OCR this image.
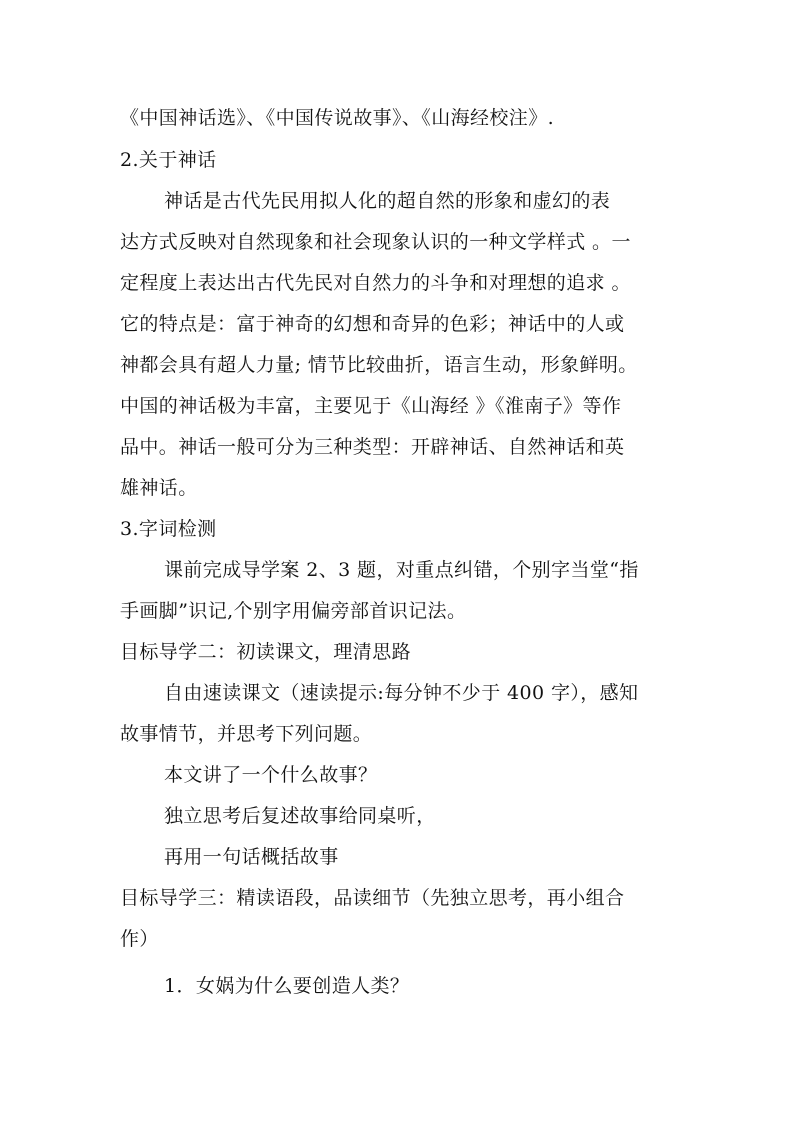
《中国神话选》、《中国传说故事》、《山海经校注》.
2.关于神话
神话是古代先民用拟人化的超自然的形象和虚幻的表
达方式反映对自然现象和社会现象认识的一种文学样式 。一
定程度上表达出古代先民对自然力的斗争和对理想的追求 。
它的特点是：富于神奇的幻想和奇异的色彩；神话中的人或
神都会具有超人力量; 情节比较曲折，语言生动，形象鲜明。
中国的神话极为丰富，主要见于《山海经 》《淮南子》等作
品中。神话一般可分为三种类型：开辟神话、自然神话和英
雄神话。
3.字词检测
课前完成导学案 2、3 题，对重点纠错，个别字当堂“指
手画脚”识记,个别字用偏旁部首识记法。
目标导学二：初读课文，理清思路
自由速读课文（速读提示:每分钟不少于 400 字），感知
故事情节，并思考下列问题。
本文讲了一个什么故事？
独立思考后复述故事给同桌听，
再用一句话概括故事
目标导学三：精读语段，品读细节（先独立思考，再小组合
作）
1．女娲为什么要创造人类？
